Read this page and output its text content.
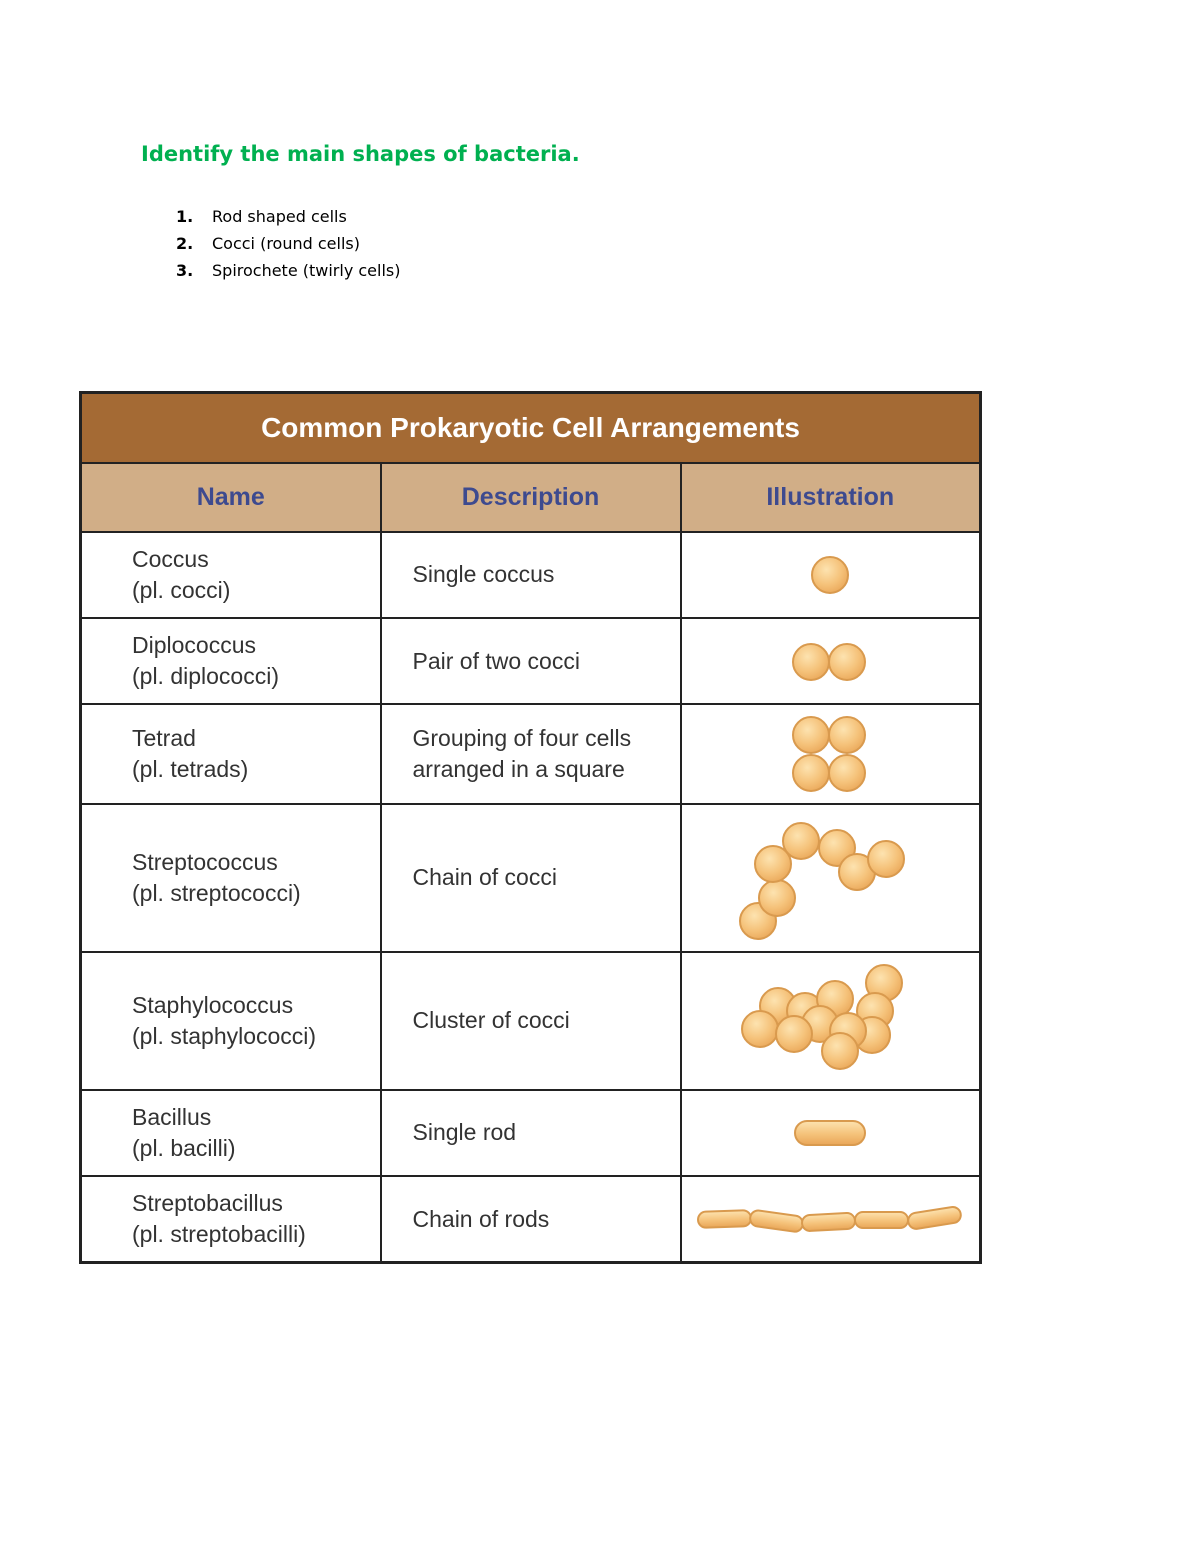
Identify the main shapes of bacteria.
1. Rod shaped cells
2. Cocci (round cells)
3. Spirochete (twirly cells)
Common Prokaryotic Cell Arrangements		
Name	Description	Illustration

Coccus
(pl. cocci)	Single coccus

Diplococcus
(pl. diplococci)	Pair of two cocci

Tetrad
(pl. tetrads)	Grouping of four cells
arranged in a square

Streptococcus
(pl. streptococci)	Chain of cocci

Staphylococcus
(pl. staphylococci)	Cluster of cocci

Bacillus
(pl. bacilli)	Single rod

Streptobacillus
(pl. streptobacilli)	Chain of rods
